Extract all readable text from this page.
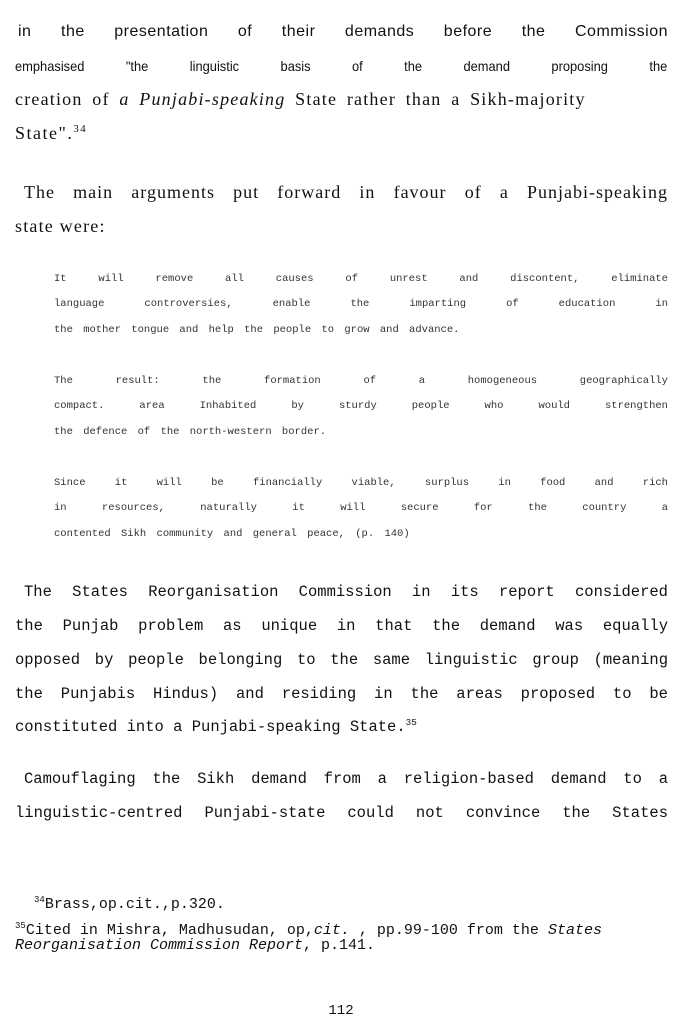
in the presentation of their demands before the Commission
emphasised "the linguistic basis of the demand proposing the
creation of a Punjabi-speaking State rather than a Sikh-majority
State".$^{34}$
The main arguments put forward in favour of a Punjabi-speaking
state were:
It will remove all causes of unrest and discontent, eliminate
language controversies, enable the imparting of education in
the mother tongue and help the people to grow and advance.
The result: the formation of a homogeneous geographically
compact. area Inhabited by sturdy people who would strengthen
the defence of the north-western border.
Since it will be financially viable, surplus in food and rich
in resources, naturally it will secure for the country a
contented Sikh community and general peace, (p. 140)
The States Reorganisation Commission in its report considered
the Punjab problem as unique in that the demand was equally
opposed by people belonging to the same linguistic group (meaning
the Punjabis Hindus) and residing in the areas proposed to be
constituted into a Punjabi-speaking State.$^{35}$
Camouflaging the Sikh demand from a religion-based demand to a
linguistic-centred Punjabi-state could not convince the States
$^{34}$Brass,op.cit.,p.320.
$^{35}$Cited in Mishra, Madhusudan, op,cit. , pp.99-100 from the States
Reorganisation Commission Report, p.141.
112
